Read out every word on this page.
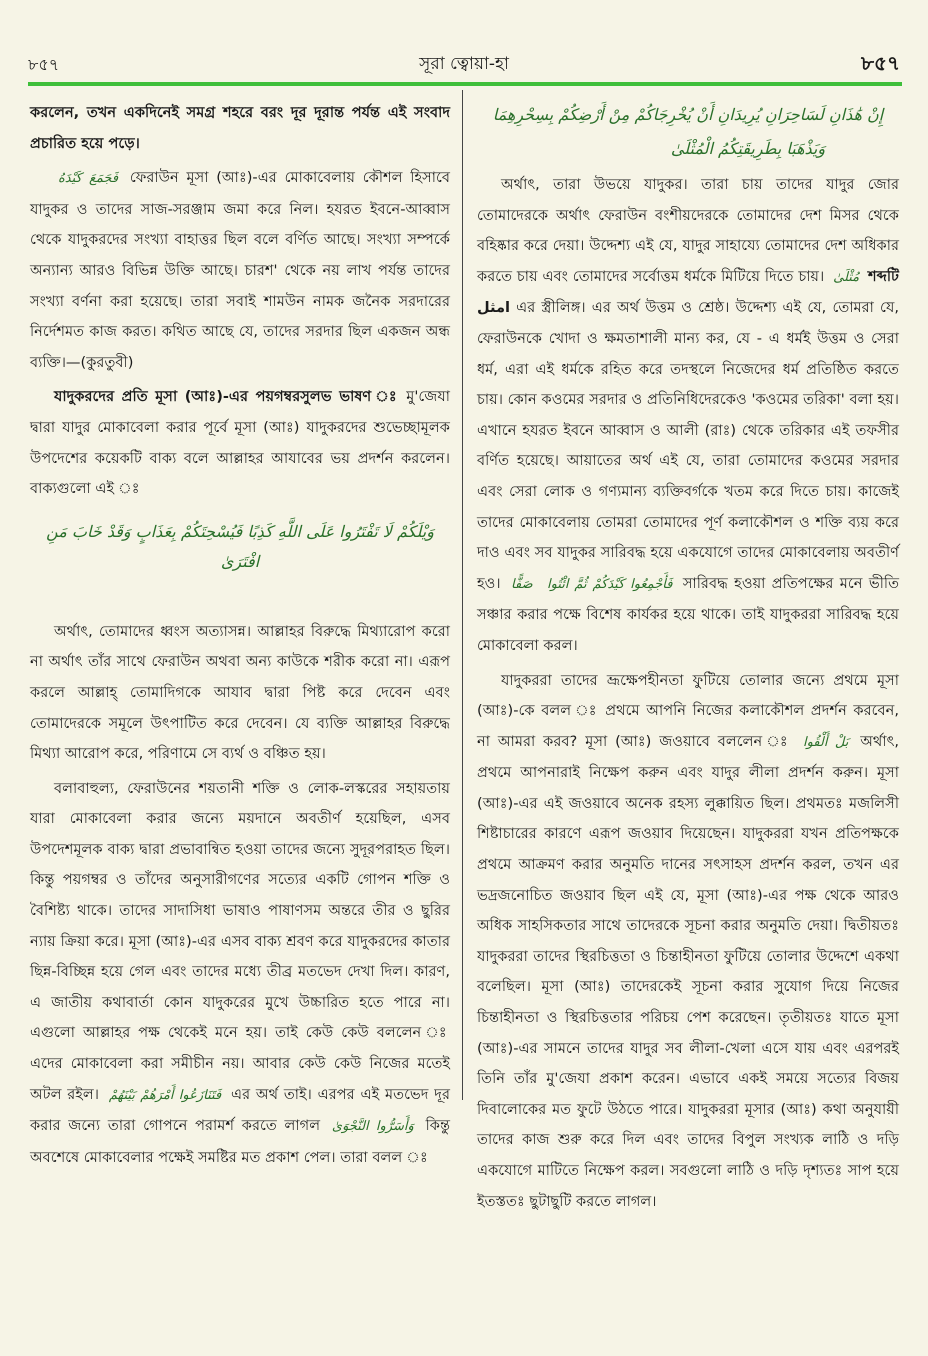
৮৫৭	সূরা ত্বোয়া-হা	৮৫৭

করলেন, তখন একদিনেই সমগ্র শহরে বরং দূর দূরান্ত পর্যন্ত এই সংবাদ প্রচারিত হয়ে পড়ে।

فَجَمَعَ كَيْدَهُ ফেরাউন মূসা (আঃ)-এর মোকাবেলায় কৌশল হিসাবে যাদুকর ও তাদের সাজ-সরঞ্জাম জমা করে নিল। হযরত ইবনে-আব্বাস থেকে যাদুকরদের সংখ্যা বাহাত্তর ছিল বলে বর্ণিত আছে। সংখ্যা সম্পর্কে অন্যান্য আরও বিভিন্ন উক্তি আছে। চারশ' থেকে নয় লাখ পর্যন্ত তাদের সংখ্যা বর্ণনা করা হয়েছে। তারা সবাই শামউন নামক জনৈক সরদারের নির্দেশমত কাজ করত। কথিত আছে যে, তাদের সরদার ছিল একজন অন্ধ ব্যক্তি।—(কুরতুবী)

যাদুকরদের প্রতি মূসা (আঃ)-এর পয়গম্বরসুলভ ভাষণ ঃ মু'জেযা দ্বারা যাদুর মোকাবেলা করার পূর্বে মূসা (আঃ) যাদুকরদের শুভেচ্ছামূলক উপদেশের কয়েকটি বাক্য বলে আল্লাহর আযাবের ভয় প্রদর্শন করলেন। বাক্যগুলো এই ঃ

وَيْلَكُمْ لَا تَفْتَرُوا عَلَى اللَّهِ كَذِبًا فَيُسْحِتَكُمْ بِعَذَابٍ وَقَدْ خَابَ مَنِ افْتَرَىٰ

অর্থাৎ, তোমাদের ধ্বংস অত্যাসন্ন। আল্লাহর বিরুদ্ধে মিথ্যারোপ করো না অর্থাৎ তাঁর সাথে ফেরাউন অথবা অন্য কাউকে শরীক করো না। এরূপ করলে আল্লাহ্ তোমাদিগকে আযাব দ্বারা পিষ্ট করে দেবেন এবং তোমাদেরকে সমূলে উৎপাটিত করে দেবেন। যে ব্যক্তি আল্লাহর বিরুদ্ধে মিথ্যা আরোপ করে, পরিণামে সে ব্যর্থ ও বঞ্চিত হয়।

বলাবাহুল্য, ফেরাউনের শয়তানী শক্তি ও লোক-লস্করের সহায়তায় যারা মোকাবেলা করার জন্যে ময়দানে অবতীর্ণ হয়েছিল, এসব উপদেশমূলক বাক্য দ্বারা প্রভাবান্বিত হওয়া তাদের জন্যে সুদূরপরাহত ছিল। কিন্তু পয়গম্বর ও তাঁদের অনুসারীগণের সত্যের একটি গোপন শক্তি ও বৈশিষ্ট্য থাকে। তাদের সাদাসিধা ভাষাও পাষাণসম অন্তরে তীর ও ছুরির ন্যায় ক্রিয়া করে। মূসা (আঃ)-এর এসব বাক্য শ্রবণ করে যাদুকরদের কাতার ছিন্ন-বিচ্ছিন্ন হয়ে গেল এবং তাদের মধ্যে তীব্র মতভেদ দেখা দিল। কারণ, এ জাতীয় কথাবার্তা কোন যাদুকরের মুখে উচ্চারিত হতে পারে না। এগুলো আল্লাহর পক্ষ থেকেই মনে হয়। তাই কেউ কেউ বললেন ঃ এদের মোকাবেলা করা সমীচীন নয়। আবার কেউ কেউ নিজের মতেই অটল রইল। فَتَنَازَعُوا أَمْرَهُمْ بَيْنَهُمْ এর অর্থ তাই। এরপর এই মতভেদ দূর করার জন্যে তারা গোপনে পরামর্শ করতে লাগল وَأَسَرُّوا النَّجْوَىٰ কিন্তু অবশেষে মোকাবেলার পক্ষেই সমষ্টির মত প্রকাশ পেল। তারা বলল ঃ

إِنْ هَٰذَانِ لَسَاحِرَانِ يُرِيدَانِ أَنْ يُخْرِجَاكُمْ مِنْ أَرْضِكُمْ بِسِحْرِهِمَا
وَيَذْهَبَا بِطَرِيقَتِكُمُ الْمُثْلَىٰ

অর্থাৎ, তারা উভয়ে যাদুকর। তারা চায় তাদের যাদুর জোর তোমাদেরকে অর্থাৎ ফেরাউন বংশীয়দেরকে তোমাদের দেশ মিসর থেকে বহিষ্কার করে দেয়া। উদ্দেশ্য এই যে, যাদুর সাহায্যে তোমাদের দেশ অধিকার করতে চায় এবং তোমাদের সর্বোত্তম ধর্মকে মিটিয়ে দিতে চায়। مُثْلَىٰ শব্দটি امثل এর স্ত্রীলিঙ্গ। এর অর্থ উত্তম ও শ্রেষ্ঠ। উদ্দেশ্য এই যে, তোমরা যে, ফেরাউনকে খোদা ও ক্ষমতাশালী মান্য কর, যে - এ ধর্মই উত্তম ও সেরা ধর্ম, এরা এই ধর্মকে রহিত করে তদস্থলে নিজেদের ধর্ম প্রতিষ্ঠিত করতে চায়। কোন কওমের সরদার ও প্রতিনিধিদেরকেও 'কওমের তরিকা' বলা হয়। এখানে হযরত ইবনে আব্বাস ও আলী (রাঃ) থেকে তরিকার এই তফসীর বর্ণিত হয়েছে। আয়াতের অর্থ এই যে, তারা তোমাদের কওমের সরদার এবং সেরা লোক ও গণ্যমান্য ব্যক্তিবর্গকে খতম করে দিতে চায়। কাজেই তাদের মোকাবেলায় তোমরা তোমাদের পূর্ণ কলাকৌশল ও শক্তি ব্যয় করে দাও এবং সব যাদুকর সারিবদ্ধ হয়ে একযোগে তাদের মোকাবেলায় অবতীর্ণ হও।	فَأَجْمِعُوا كَيْدَكُمْ ثُمَّ ائْتُوا صَفًّا	সারিবদ্ধ হওয়া প্রতিপক্ষের মনে ভীতি সঞ্চার করার পক্ষে বিশেষ কার্যকর হয়ে থাকে। তাই যাদুকররা সারিবদ্ধ হয়ে মোকাবেলা করল।

যাদুকররা তাদের ভ্রূক্ষেপহীনতা ফুটিয়ে তোলার জন্যে প্রথমে মূসা (আঃ)-কে বলল ঃ প্রথমে আপনি নিজের কলাকৌশল প্রদর্শন করবেন, না আমরা করব? মূসা (আঃ) জওয়াবে বললেন ঃ بَلْ أَلْقُوا অর্থাৎ, প্রথমে আপনারাই নিক্ষেপ করুন এবং যাদুর লীলা প্রদর্শন করুন। মূসা (আঃ)-এর এই জওয়াবে অনেক রহস্য লুক্কায়িত ছিল। প্রথমতঃ মজলিসী শিষ্টাচারের কারণে এরূপ জওয়াব দিয়েছেন। যাদুকররা যখন প্রতিপক্ষকে প্রথমে আক্রমণ করার অনুমতি দানের সৎসাহস প্রদর্শন করল, তখন এর ভদ্রজনোচিত জওয়াব ছিল এই যে, মূসা (আঃ)-এর পক্ষ থেকে আরও অধিক সাহসিকতার সাথে তাদেরকে সূচনা করার অনুমতি দেয়া। দ্বিতীয়তঃ যাদুকররা তাদের স্থিরচিত্ততা ও চিন্তাহীনতা ফুটিয়ে তোলার উদ্দেশে একথা বলেছিল। মূসা (আঃ) তাদেরকেই সূচনা করার সুযোগ দিয়ে নিজের চিন্তাহীনতা ও স্থিরচিত্ততার পরিচয় পেশ করেছেন। তৃতীয়তঃ যাতে মূসা (আঃ)-এর সামনে তাদের যাদুর সব লীলা-খেলা এসে যায় এবং এরপরই তিনি তাঁর মু'জেযা প্রকাশ করেন। এভাবে একই সময়ে সত্যের বিজয় দিবালোকের মত ফুটে উঠতে পারে। যাদুকররা মূসার (আঃ) কথা অনুযায়ী তাদের কাজ শুরু করে দিল এবং তাদের বিপুল সংখ্যক লাঠি ও দড়ি একযোগে মাটিতে নিক্ষেপ করল। সবগুলো লাঠি ও দড়ি দৃশ্যতঃ সাপ হয়ে ইতস্ততঃ ছুটাছুটি করতে লাগল।
